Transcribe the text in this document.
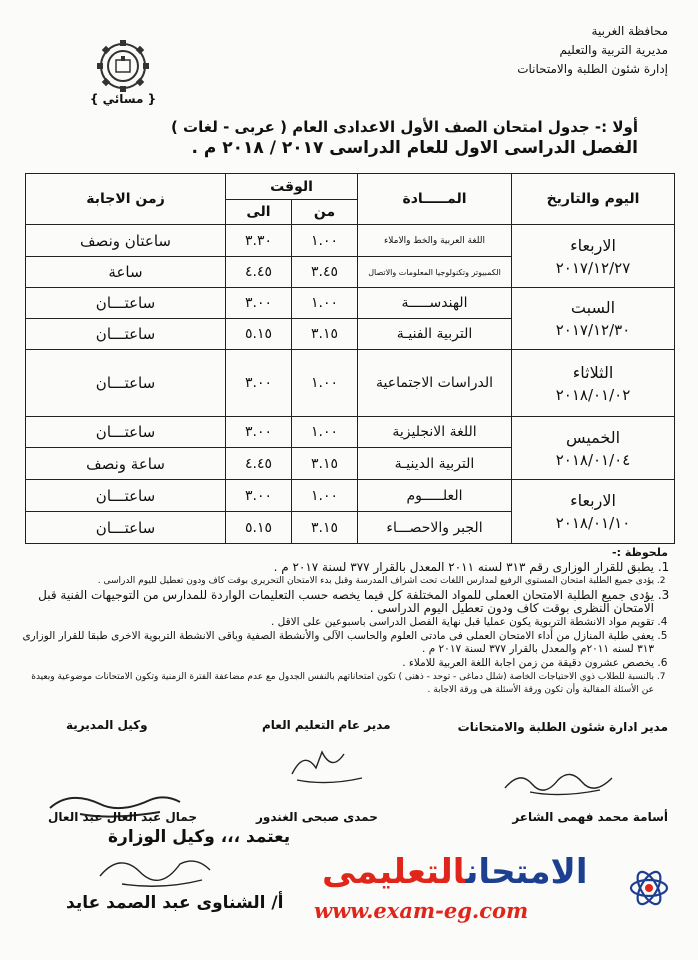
محافظة الغربية
مديرية التربية والتعليم
إدارة شئون الطلبة والامتحانات
{ مسائي }
أولا :- جدول امتحان الصف الأول الاعدادى العام ( عربى - لغات )
الفصل الدراسى الاول للعام الدراسى ٢٠١٧ / ٢٠١٨ م .
اليوم والتاريخ	المـــــادة	الوقت		زمن الاجابة
		من	الى	

الاربعاء
٢٠١٧/١٢/٢٧	اللغة العربية والخط والاملاء	١.٠٠	٣.٣٠	ساعتان ونصف
	الكمبيوتر وتكنولوجيا المعلومات والاتصال	٣.٤٥	٤.٤٥	ساعة

السبت
٢٠١٧/١٢/٣٠	الهندســـــة	١.٠٠	٣.٠٠	ساعتـــان
	التربية الفنيـة	٣.١٥	٥.١٥	ساعتـــان

الثلاثاء
٢٠١٨/٠١/٠٢	الدراسات الاجتماعية	١.٠٠	٣.٠٠	ساعتـــان

الخميس
٢٠١٨/٠١/٠٤	اللغة الانجليزية	١.٠٠	٣.٠٠	ساعتـــان
	التربية الدينيـة	٣.١٥	٤.٤٥	ساعة ونصف

الاربعاء
٢٠١٨/٠١/١٠	العلـــــوم	١.٠٠	٣.٠٠	ساعتـــان
	الجبر والاحصـــاء	٣.١٥	٥.١٥	ساعتـــان
ملحوظة :-
1. يطبق للقرار الوزارى رقم ٣١٣ لسنه ٢٠١١ المعدل بالقرار ٣٧٧ لسنة ٢٠١٧ م .
2. يؤدى جميع الطلبة امتحان المستوى الرفيع لمدارس اللغات تحت اشراف المدرسة وقبل بدء الامتحان التحريرى بوقت كاف ودون تعطيل لليوم الدراسى .
3. يؤدى جميع الطلبة الامتحان العملى للمواد المختلفة كل فيما يخصه حسب التعليمات الواردة للمدارس من التوجيهات الفنية قبل الامتحان النظرى بوقت كاف ودون تعطيل اليوم الدراسى .
4. تقويم مواد الانشطة التربوية يكون عمليا قبل نهاية الفصل الدراسى باسبوعين على الاقل .
5. يعفى طلبة المنازل من أداء الامتحان العملى فى مادتى العلوم والحاسب الآلى والأنشطة الصفية وباقى الانشطة التربوية الاخرى طبقا للقرار الوزارى ٣١٣ لسنه ٢٠١١م والمعدل بالقرار ٣٧٧ لسنة ٢٠١٧ م .
6. يخصص عشرون دقيقة من زمن اجابة اللغة العربية للاملاء .
7. بالنسبة للطلاب ذوي الاحتياجات الخاصة (شلل دماغى - توحد - ذهنى ) تكون امتحاناتهم بالنفس الجدول مع عدم مضاعفة الفترة الزمنية وتكون الامتحانات موضوعية وبعيدة عن الأسئلة المقالية وأن تكون ورقة الأسئلة هى ورقة الاجابة .
مدير ادارة شئون الطلبة والامتحانات
مدير عام التعليم العام
وكيل المديرية
أسامة محمد فهمى الشاعر
حمدى صبحى الغندور
جمال عبد العال عبد العال
يعتمد ،،، وكيل الوزارة
أ/ الشناوى عبد الصمد عايد
الامتحانالتعليمى
www.exam-eg.com
